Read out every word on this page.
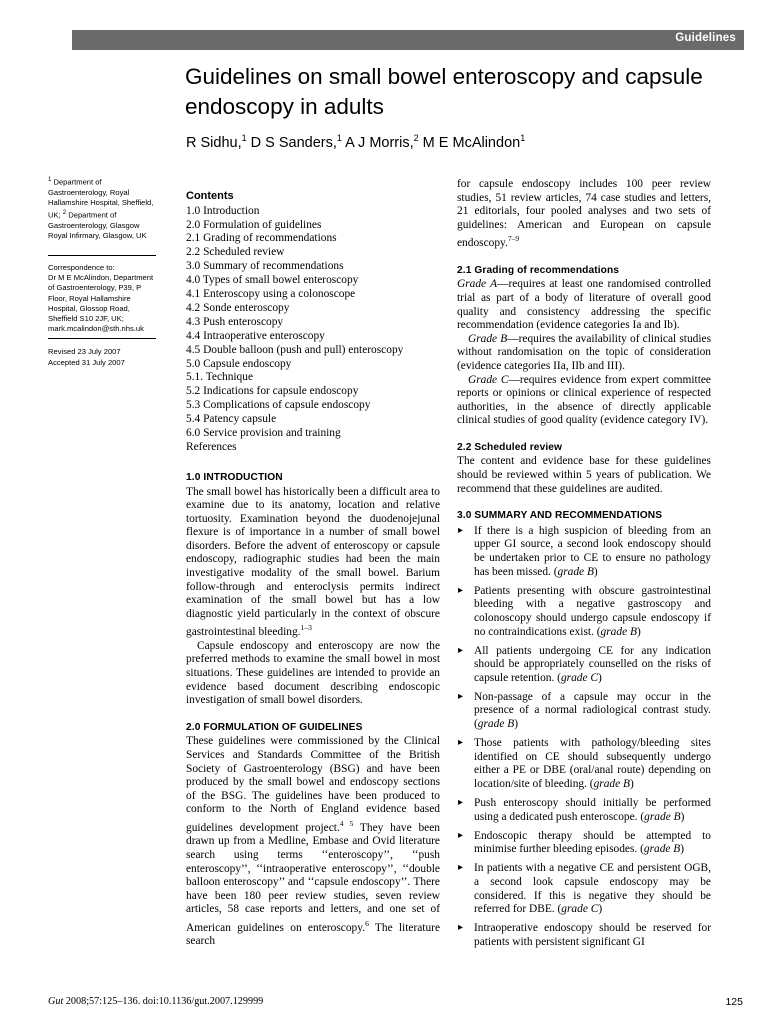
Guidelines
Guidelines on small bowel enteroscopy and capsule endoscopy in adults
R Sidhu,$^1$ D S Sanders,$^1$ A J Morris,$^2$ M E McAlindon$^1$
$^1$ Department of Gastroenterology, Royal Hallamshire Hospital, Sheffield, UK; $^2$ Department of Gastroenterology, Glasgow Royal Infirmary, Glasgow, UK
Correspondence to:
Dr M E McAlindon, Department of Gastroenterology, P39, P Floor, Royal Hallamshire Hospital, Glossop Road, Sheffield S10 2JF, UK; mark.mcalindon@sth.nhs.uk
Revised 23 July 2007
Accepted 31 July 2007
Contents
1.0 Introduction
2.0 Formulation of guidelines
2.1 Grading of recommendations
2.2 Scheduled review
3.0 Summary of recommendations
4.0 Types of small bowel enteroscopy
4.1 Enteroscopy using a colonoscope
4.2 Sonde enteroscopy
4.3 Push enteroscopy
4.4 Intraoperative enteroscopy
4.5 Double balloon (push and pull) enteroscopy
5.0 Capsule endoscopy
5.1. Technique
5.2 Indications for capsule endoscopy
5.3 Complications of capsule endoscopy
5.4 Patency capsule
6.0 Service provision and training
References
1.0 INTRODUCTION

The small bowel has historically been a difficult area to examine due to its anatomy, location and relative tortuosity. Examination beyond the duodenojejunal flexure is of importance in a number of small bowel disorders. Before the advent of enteroscopy or capsule endoscopy, radiographic studies had been the main investigative modality of the small bowel. Barium follow-through and enteroclysis permits indirect examination of the small bowel but has a low diagnostic yield particularly in the context of obscure gastrointestinal bleeding.$^{1-3}$

Capsule endoscopy and enteroscopy are now the preferred methods to examine the small bowel in most situations. These guidelines are intended to provide an evidence based document describing endoscopic investigation of small bowel disorders.

2.0 FORMULATION OF GUIDELINES

These guidelines were commissioned by the Clinical Services and Standards Committee of the British Society of Gastroenterology (BSG) and have been produced by the small bowel and endoscopy sections of the BSG. The guidelines have been produced to conform to the North of England evidence based guidelines development project.$^{4 5}$ They have been drawn up from a Medline, Embase and Ovid literature search using terms ‘‘enteroscopy’’, ‘‘push enteroscopy’’, ‘‘intraoperative enteroscopy’’, ‘‘double balloon enteroscopy’’ and ‘‘capsule endoscopy’’. There have been 180 peer review studies, seven review articles, 58 case reports and letters, and one set of American guidelines on enteroscopy.$^6$ The literature search

for capsule endoscopy includes 100 peer review studies, 51 review articles, 74 case studies and letters, 21 editorials, four pooled analyses and two sets of guidelines: American and European on capsule endoscopy.$^{7-9}$

2.1 Grading of recommendations

Grade A—requires at least one randomised controlled trial as part of a body of literature of overall good quality and consistency addressing the specific recommendation (evidence categories Ia and Ib).

Grade B—requires the availability of clinical studies without randomisation on the topic of consideration (evidence categories IIa, IIb and III).

Grade C—requires evidence from expert committee reports or opinions or clinical experience of respected authorities, in the absence of directly applicable clinical studies of good quality (evidence category IV).

2.2 Scheduled review

The content and evidence base for these guidelines should be reviewed within 5 years of publication. We recommend that these guidelines are audited.

3.0 SUMMARY AND RECOMMENDATIONS
▸ If there is a high suspicion of bleeding from an upper GI source, a second look endoscopy should be undertaken prior to CE to ensure no pathology has been missed. (grade B)
▸ Patients presenting with obscure gastrointestinal bleeding with a negative gastroscopy and colonoscopy should undergo capsule endoscopy if no contraindications exist. (grade B)
▸ All patients undergoing CE for any indication should be appropriately counselled on the risks of capsule retention. (grade C)
▸ Non-passage of a capsule may occur in the presence of a normal radiological contrast study. (grade B)
▸ Those patients with pathology/bleeding sites identified on CE should subsequently undergo either a PE or DBE (oral/anal route) depending on location/site of bleeding. (grade B)
▸ Push enteroscopy should initially be performed using a dedicated push enteroscope. (grade B)
▸ Endoscopic therapy should be attempted to minimise further bleeding episodes. (grade B)
▸ In patients with a negative CE and persistent OGB, a second look capsule endoscopy may be considered. If this is negative they should be referred for DBE. (grade C)
▸ Intraoperative endoscopy should be reserved for patients with persistent significant GI
Gut 2008;57:125–136. doi:10.1136/gut.2007.129999	125
